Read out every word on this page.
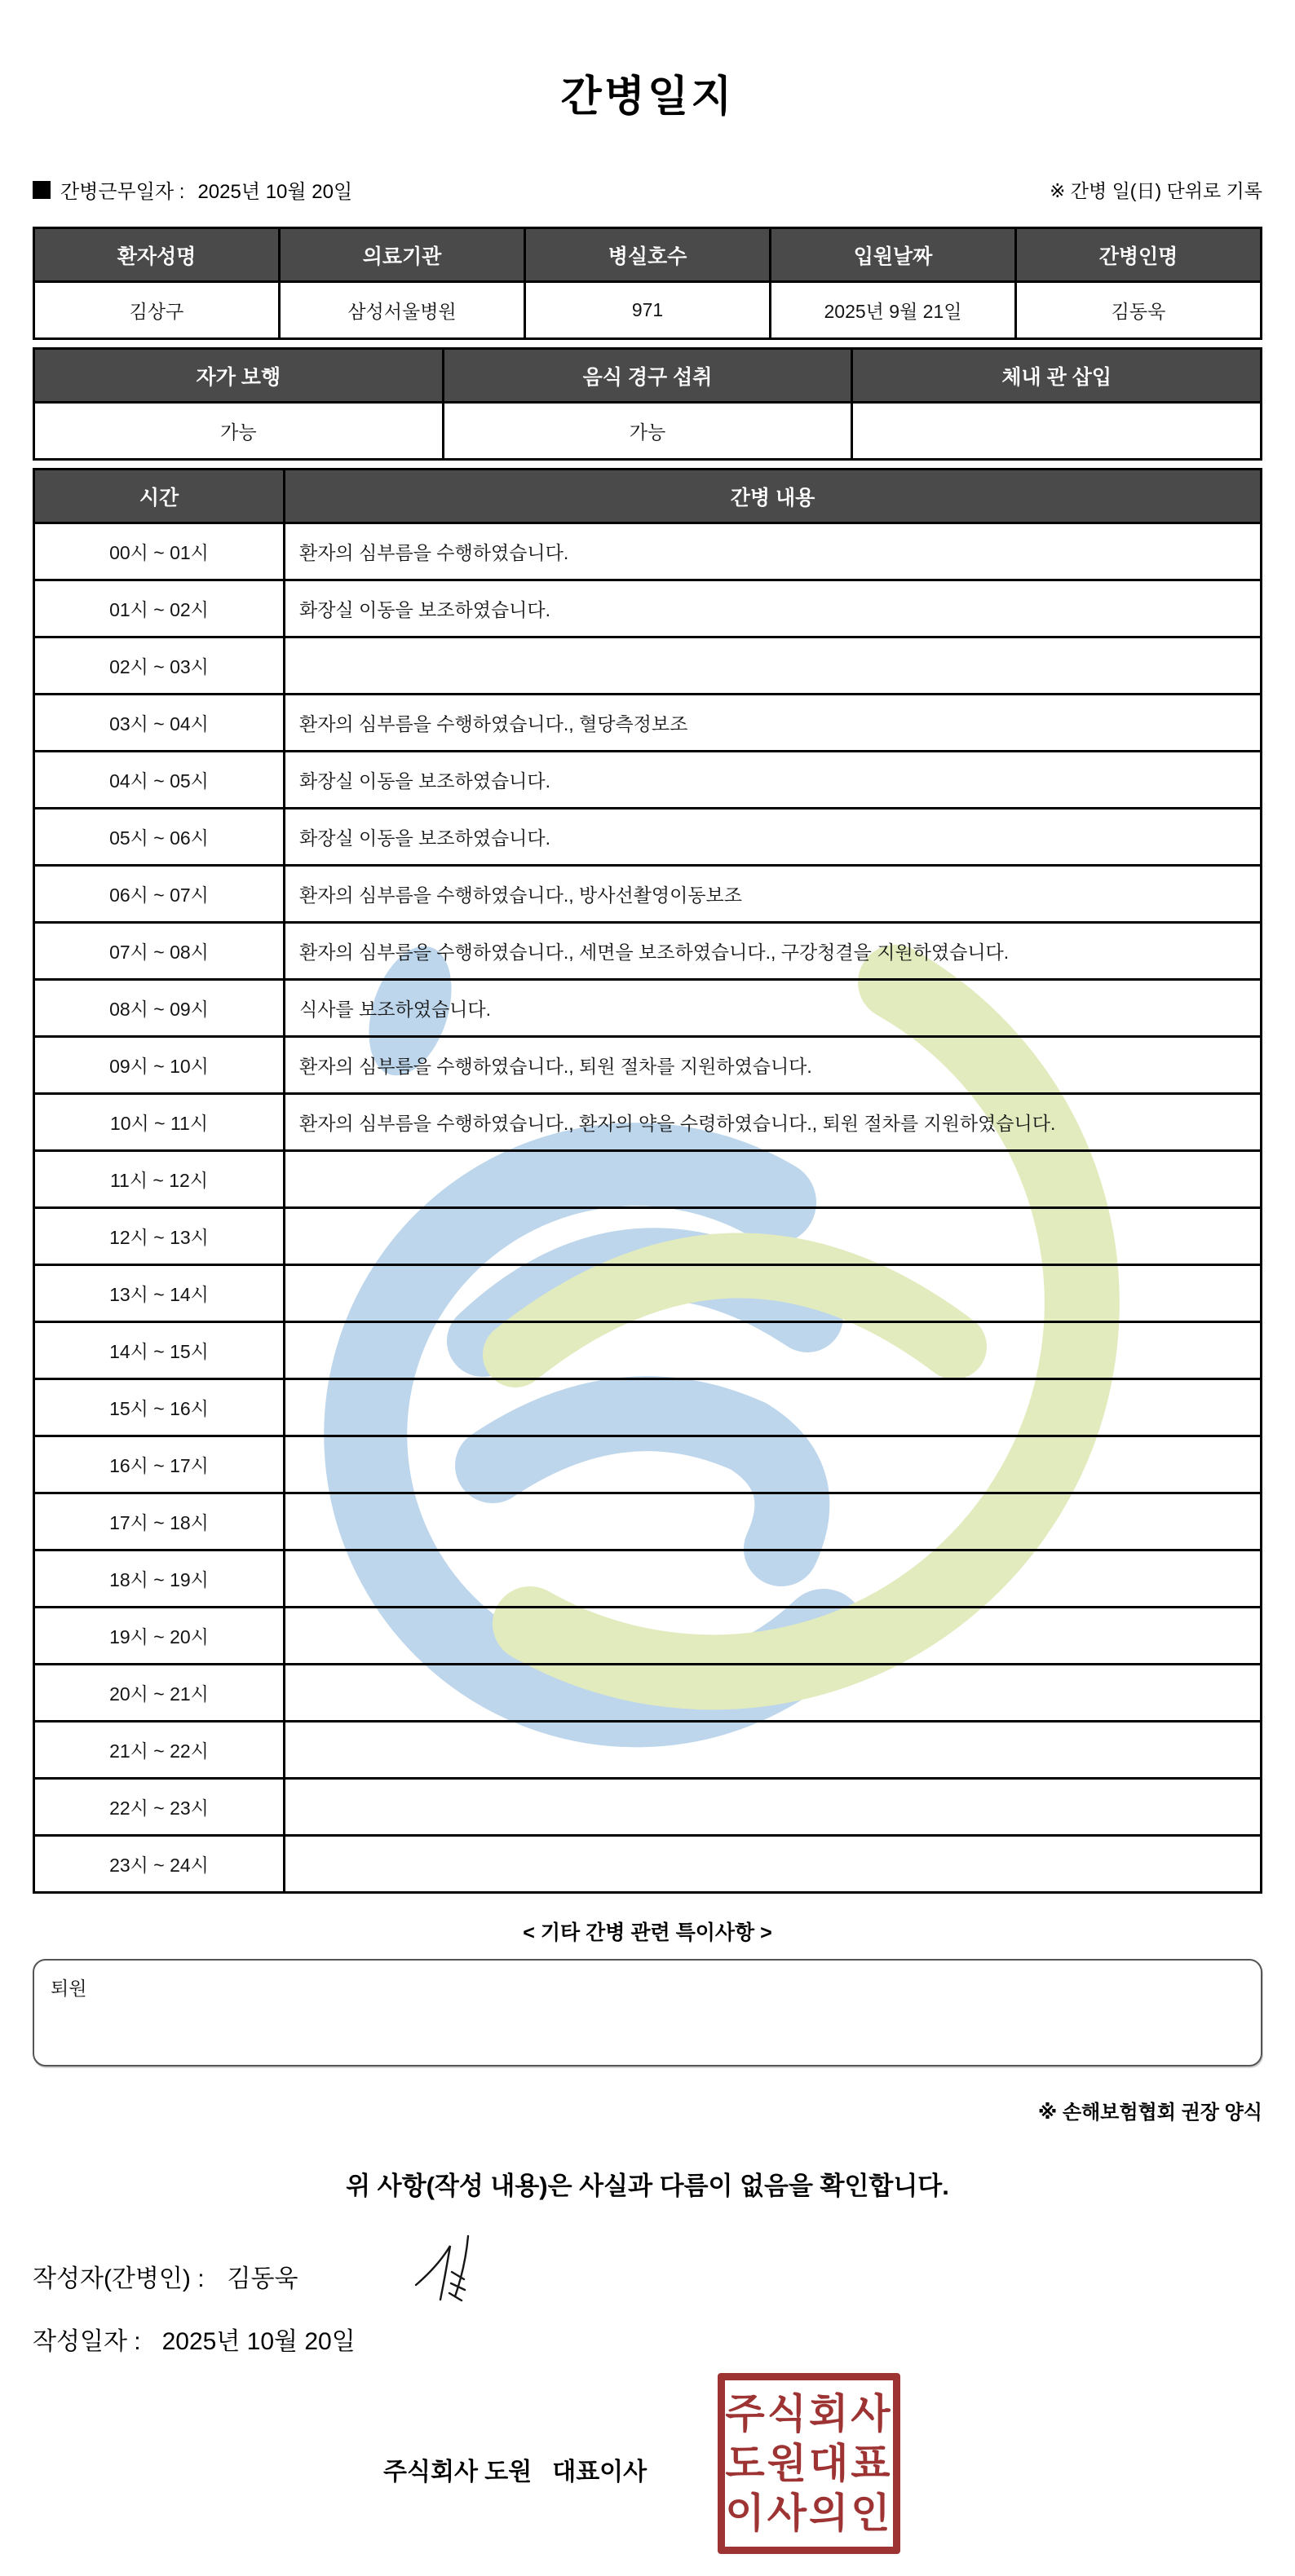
간병일지
간병근무일자 : 2025년 10월 20일	※ 간병 일(日) 단위로 기록
환자성명	의료기관	병실호수	입원날짜	간병인명
김상구	삼성서울병원	971	2025년 9월 21일	김동욱
자가 보행	음식 경구 섭취	체내 관 삽입
가능	가능	
시간	간병 내용
00시 ~ 01시	환자의 심부름을 수행하였습니다.
01시 ~ 02시	화장실 이동을 보조하였습니다.
02시 ~ 03시	
03시 ~ 04시	환자의 심부름을 수행하였습니다., 혈당측정보조
04시 ~ 05시	화장실 이동을 보조하였습니다.
05시 ~ 06시	화장실 이동을 보조하였습니다.
06시 ~ 07시	환자의 심부름을 수행하였습니다., 방사선촬영이동보조
07시 ~ 08시	환자의 심부름을 수행하였습니다., 세면을 보조하였습니다., 구강청결을 지원하였습니다.
08시 ~ 09시	식사를 보조하였습니다.
09시 ~ 10시	환자의 심부름을 수행하였습니다., 퇴원 절차를 지원하였습니다.
10시 ~ 11시	환자의 심부름을 수행하였습니다., 환자의 약을 수령하였습니다., 퇴원 절차를 지원하였습니다.
11시 ~ 12시	
12시 ~ 13시	
13시 ~ 14시	
14시 ~ 15시	
15시 ~ 16시	
16시 ~ 17시	
17시 ~ 18시	
18시 ~ 19시	
19시 ~ 20시	
20시 ~ 21시	
21시 ~ 22시	
22시 ~ 23시	
23시 ~ 24시	
< 기타 간병 관련 특이사항 >
퇴원
※ 손해보험협회 권장 양식
위 사항(작성 내용)은 사실과 다름이 없음을 확인합니다.
작성자(간병인) : 김동욱
작성일자 : 2025년 10월 20일
주식회사 도원   대표이사
주식회사
도원대표
이사의인
